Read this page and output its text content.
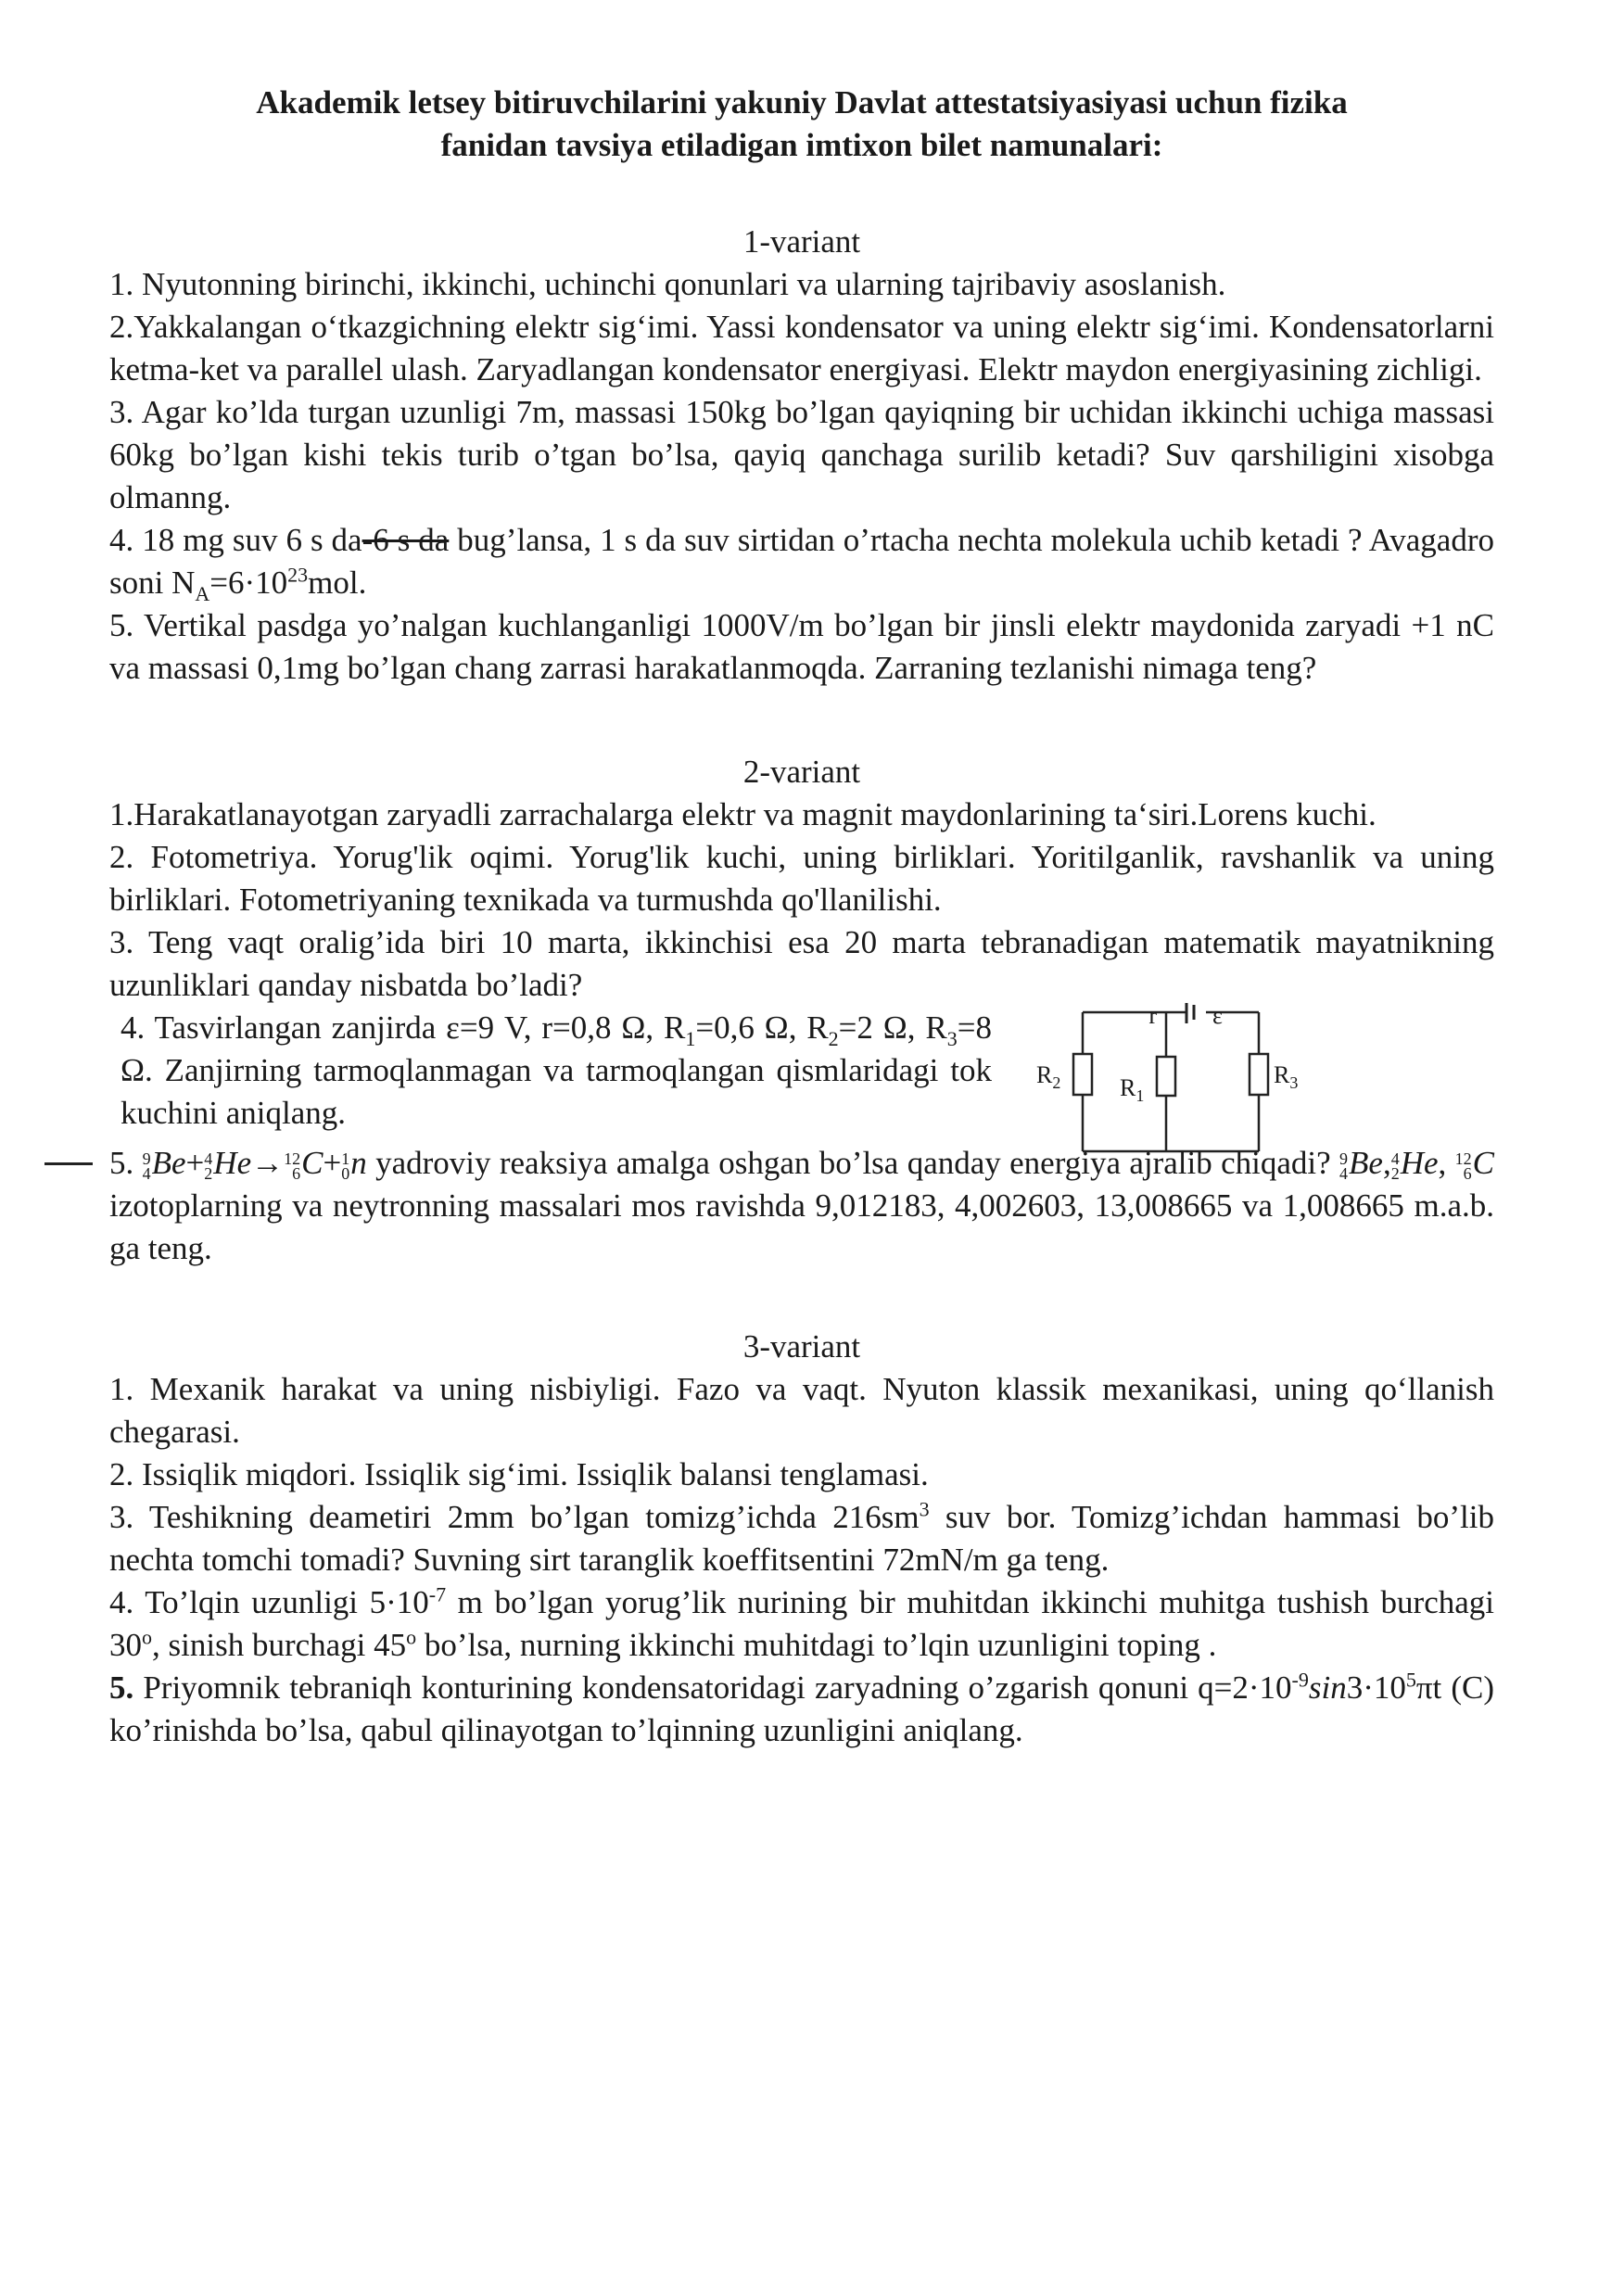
Akademik letsey bitiruvchilarini yakuniy Davlat attestatsiyasiyasi uchun fizika
fanidan tavsiya etiladigan imtixon bilet namunalari:

1-variant

1. Nyutonning birinchi, ikkinchi, uchinchi qonunlari va ularning tajribaviy asoslanish.

2.Yakkalangan o‘tkazgichning elektr sig‘imi. Yassi kondensator va uning elektr sig‘imi. Kondensatorlarni ketma-ket va parallel ulash. Zaryadlangan kondensator energiyasi. Elektr maydon energiyasining zichligi.

3. Agar ko’lda turgan uzunligi 7m, massasi 150kg bo’lgan qayiqning bir uchidan ikkinchi uchiga massasi 60kg bo’lgan kishi tekis turib o’tgan bo’lsa, qayiq qanchaga surilib ketadi? Suv qarshiligini xisobga olmanng.

4. 18 mg suv 6 s da-6 s da bug’lansa, 1 s da suv sirtidan o’rtacha nechta molekula uchib ketadi ? Avagadro soni $N_A=6\cdot 10^{23}mol$.

5. Vertikal pasdga yo’nalgan kuchlanganligi 1000V/m bo’lgan bir jinsli elektr maydonida zaryadi +1 nC va massasi 0,1mg bo’lgan chang zarrasi harakatlanmoqda. Zarraning tezlanishi nimaga teng?

2-variant

1.Harakatlanayotgan zaryadli zarrachalarga elektr va magnit maydonlarining ta‘siri.Lorens kuchi.

2. Fotometriya. Yorug'lik oqimi. Yorug'lik kuchi, uning birliklari. Yoritilganlik, ravshanlik va uning birliklari. Fotometriyaning texnikada va turmushda qo'llanilishi.

3. Teng vaqt oralig’ida biri 10 marta, ikkinchisi esa 20 marta tebranadigan matematik mayatnikning uzunliklari qanday nisbatda bo’ladi?

4. Tasvirlangan zanjirda ε=9 V, r=0,8 Ω, $R_1=0,6$ Ω, $R_2=2$ Ω, $R_3=8$ Ω. Zanjirning tarmoqlanmagan va tarmoqlangan qismlaridagi tok kuchini aniqlang.

r ε
$R_2$ $R_1$
$R_3$

5. 9
4 Be+ 4
2 He→ 12
6 C+ 1
0 n yadroviy reaksiya amalga oshgan bo’lsa qanday energiya ajralib chiqadi? 9
4 Be, 4
2 He, 12
6 C izotoplarning va neytronning massalari mos ravishda 9,012183, 4,002603, 13,008665 va 1,008665 m.a.b. ga teng.

3-variant

1. Mexanik harakat va uning nisbiyligi. Fazo va vaqt. Nyuton klassik mexanikasi, uning qo‘llanish chegarasi.

2. Issiqlik miqdori. Issiqlik sig‘imi. Issiqlik balansi tenglamasi.

3. Teshikning deametiri 2mm bo’lgan tomizg’ichda $216sm^3$ suv bor. Tomizg’ichdan hammasi bo’lib nechta tomchi tomadi? Suvning sirt taranglik koeffitsentini 72mN/m ga teng.

4. To’lqin uzunligi $5\cdot 10^{-7}$ m bo’lgan yorug’lik nurining bir muhitdan ikkinchi muhitga tushish burchagi 30$^o$, sinish burchagi 45$^o$ bo’lsa, nurning ikkinchi muhitdagi to’lqin uzunligini toping .

5. Priyomnik tebraniqh konturining kondensatoridagi zaryadning o’zgarish qonuni $q=2\cdot 10^{-9}\sin 3\cdot 10^5\pi t$ (C) ko’rinishda bo’lsa, qabul qilinayotgan to’lqinning uzunligini aniqlang.
